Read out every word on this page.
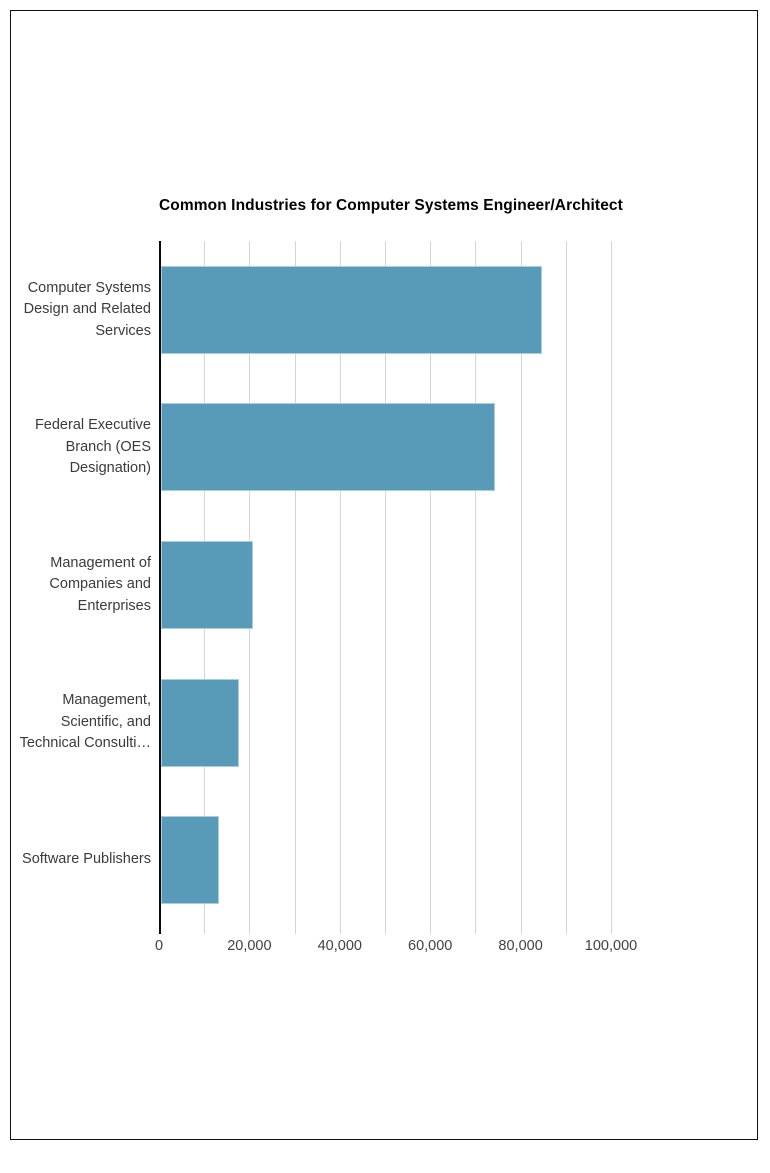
Common Industries for Computer Systems Engineer/Architect
Computer Systems
Design and Related
Services
Federal Executive
Branch (OES
Designation)
Management of
Companies and
Enterprises
Management,
Scientific, and
Technical Consulti…
Software Publishers
0	20,000	40,000	60,000	80,000	100,000
